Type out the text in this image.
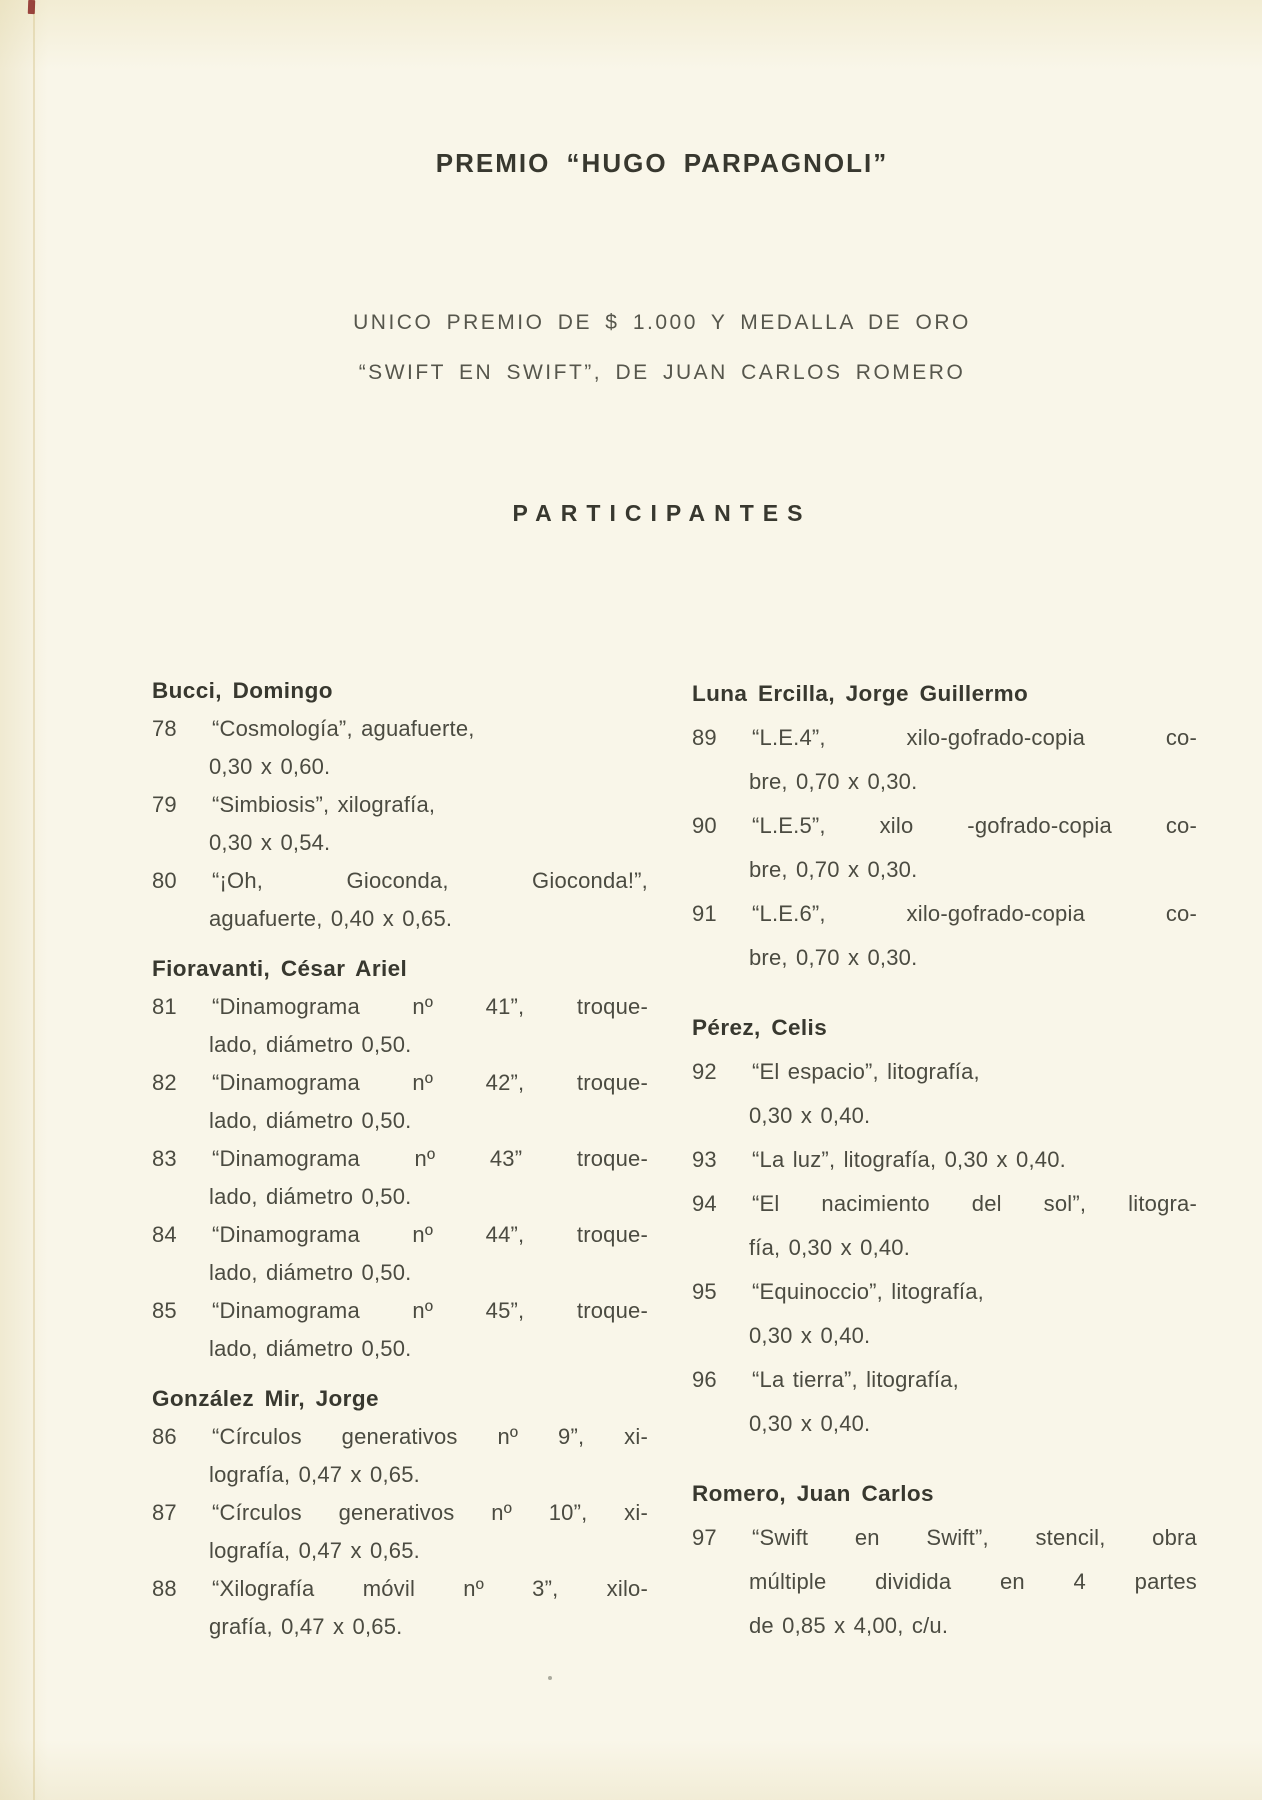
PREMIO “HUGO PARPAGNOLI”
UNICO PREMIO DE $ 1.000 Y MEDALLA DE ORO
“SWIFT EN SWIFT”, DE JUAN CARLOS ROMERO
PARTICIPANTES
Bucci, Domingo
78 “Cosmología”, aguafuerte,
0,30 x 0,60.
79 “Simbiosis”, xilografía,
0,30 x 0,54.
80 “¡Oh, Gioconda, Gioconda!”,
aguafuerte, 0,40 x 0,65.
Fioravanti, César Ariel
81 “Dinamograma nº 41”, troque-
lado, diámetro 0,50.
82 “Dinamograma nº 42”, troque-
lado, diámetro 0,50.
83 “Dinamograma nº 43” troque-
lado, diámetro 0,50.
84 “Dinamograma nº 44”, troque-
lado, diámetro 0,50.
85 “Dinamograma nº 45”, troque-
lado, diámetro 0,50.
González Mir, Jorge
86 “Círculos generativos nº 9”, xi-
lografía, 0,47 x 0,65.
87 “Círculos generativos nº 10”, xi-
lografía, 0,47 x 0,65.
88 “Xilografía móvil nº 3”, xilo-
grafía, 0,47 x 0,65.
Luna Ercilla, Jorge Guillermo
89 “L.E.4”, xilo-gofrado-copia co-
bre, 0,70 x 0,30.
90 “L.E.5”, xilo -gofrado-copia co-
bre, 0,70 x 0,30.
91 “L.E.6”, xilo-gofrado-copia co-
bre, 0,70 x 0,30.
Pérez, Celis
92 “El espacio”, litografía,
0,30 x 0,40.
93 “La luz”, litografía, 0,30 x 0,40.
94 “El nacimiento del sol”, litogra-
fía, 0,30 x 0,40.
95 “Equinoccio”, litografía,
0,30 x 0,40.
96 “La tierra”, litografía,
0,30 x 0,40.
Romero, Juan Carlos
97 “Swift en Swift”, stencil, obra
múltiple dividida en 4 partes
de 0,85 x 4,00, c/u.
